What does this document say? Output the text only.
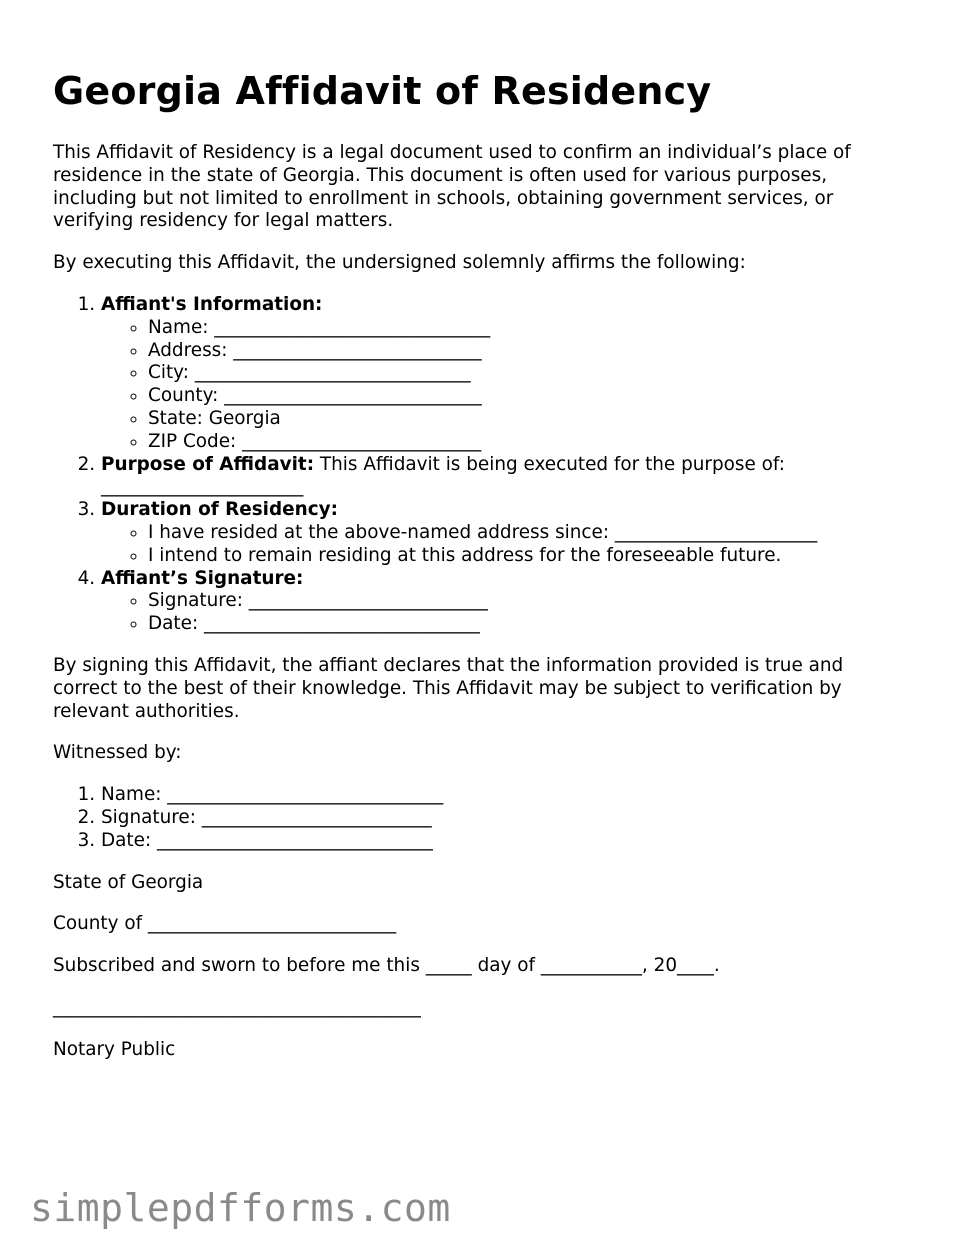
Georgia Affidavit of Residency

This Affidavit of Residency is a legal document used to confirm an individual’s place of residence in the state of Georgia. This document is often used for various purposes, including but not limited to enrollment in schools, obtaining government services, or verifying residency for legal matters.

By executing this Affidavit, the undersigned solemnly affirms the following:

1. Affiant's Information:
◦ Name: ______________________________
◦ Address: ___________________________
◦ City: ______________________________
◦ County: ____________________________
◦ State: Georgia
◦ ZIP Code: __________________________
2. Purpose of Affidavit: This Affidavit is being executed for the purpose of:
______________________
3. Duration of Residency:
◦ I have resided at the above-named address since: ______________________
◦ I intend to remain residing at this address for the foreseeable future.
4. Affiant’s Signature:
◦ Signature: __________________________
◦ Date: ______________________________

By signing this Affidavit, the affiant declares that the information provided is true and correct to the best of their knowledge. This Affidavit may be subject to verification by relevant authorities.

Witnessed by:

1. Name: ______________________________
2. Signature: _________________________
3. Date: ______________________________

State of Georgia

County of ___________________________

Subscribed and sworn to before me this _____ day of ___________, 20____.

________________________________________

Notary Public

simplepdfforms.com
